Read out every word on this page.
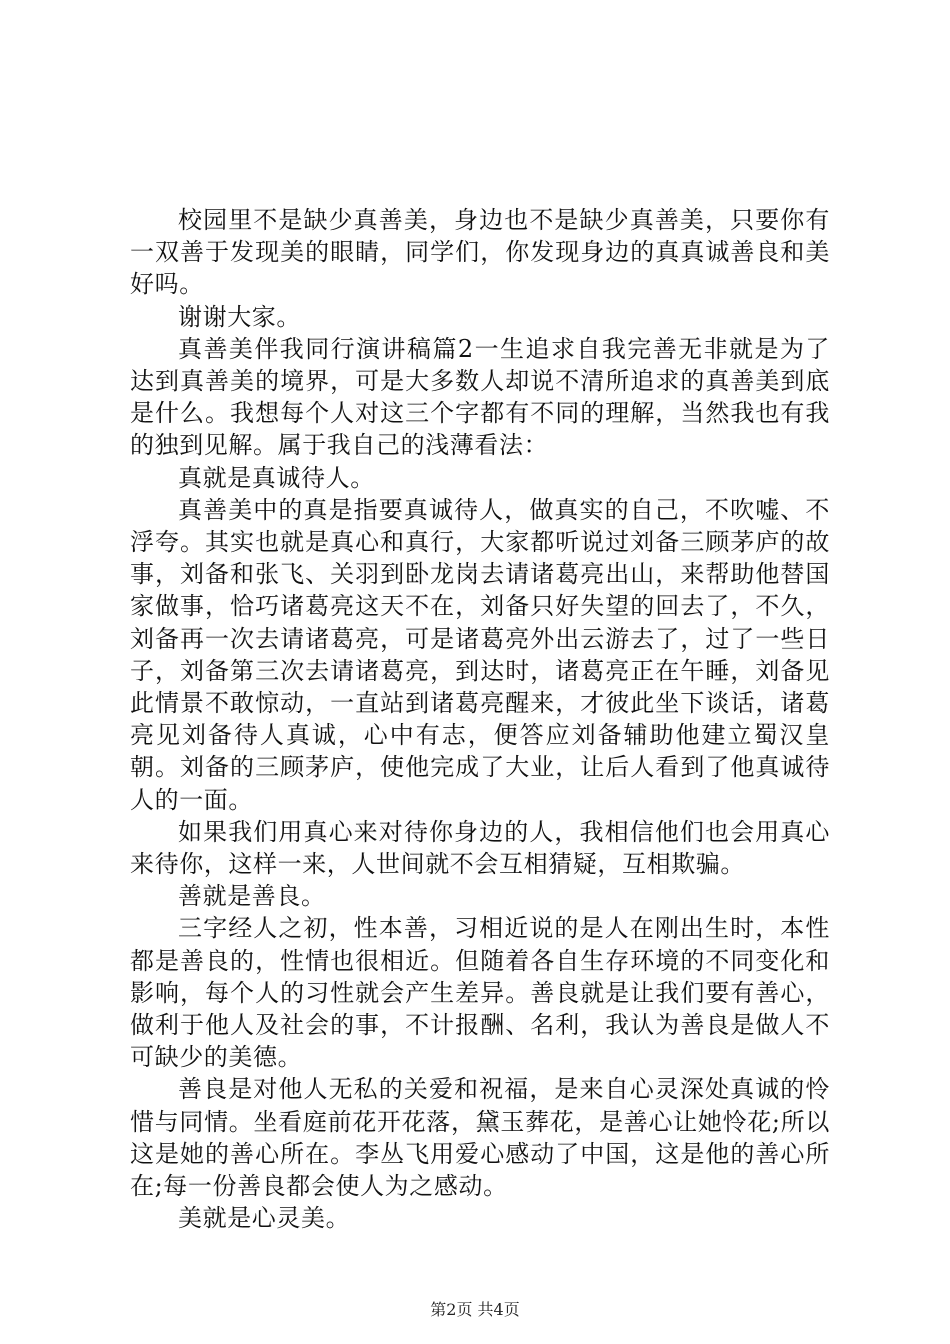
校园里不是缺少真善美，身边也不是缺少真善美，只要你有一双善于发现美的眼睛，同学们，你发现身边的真真诚善良和美好吗。

谢谢大家。

真善美伴我同行演讲稿篇2一生追求自我完善无非就是为了达到真善美的境界，可是大多数人却说不清所追求的真善美到底是什么。我想每个人对这三个字都有不同的理解，当然我也有我的独到见解。属于我自己的浅薄看法：

真就是真诚待人。

真善美中的真是指要真诚待人，做真实的自己，不吹嘘、不浮夸。其实也就是真心和真行，大家都听说过刘备三顾茅庐的故事，刘备和张飞、关羽到卧龙岗去请诸葛亮出山，来帮助他替国家做事，恰巧诸葛亮这天不在，刘备只好失望的回去了，不久，刘备再一次去请诸葛亮，可是诸葛亮外出云游去了，过了一些日子，刘备第三次去请诸葛亮，到达时，诸葛亮正在午睡，刘备见此情景不敢惊动，一直站到诸葛亮醒来，才彼此坐下谈话，诸葛亮见刘备待人真诚，心中有志，便答应刘备辅助他建立蜀汉皇朝。刘备的三顾茅庐，使他完成了大业，让后人看到了他真诚待人的一面。

如果我们用真心来对待你身边的人，我相信他们也会用真心来待你，这样一来，人世间就不会互相猜疑，互相欺骗。

善就是善良。

三字经人之初，性本善，习相近说的是人在刚出生时，本性都是善良的，性情也很相近。但随着各自生存环境的不同变化和影响，每个人的习性就会产生差异。善良就是让我们要有善心，做利于他人及社会的事，不计报酬、名利，我认为善良是做人不可缺少的美德。

善良是对他人无私的关爱和祝福，是来自心灵深处真诚的怜惜与同情。坐看庭前花开花落，黛玉葬花，是善心让她怜花;所以这是她的善心所在。李丛飞用爱心感动了中国，这是他的善心所在;每一份善良都会使人为之感动。

美就是心灵美。

第2页 共4页
